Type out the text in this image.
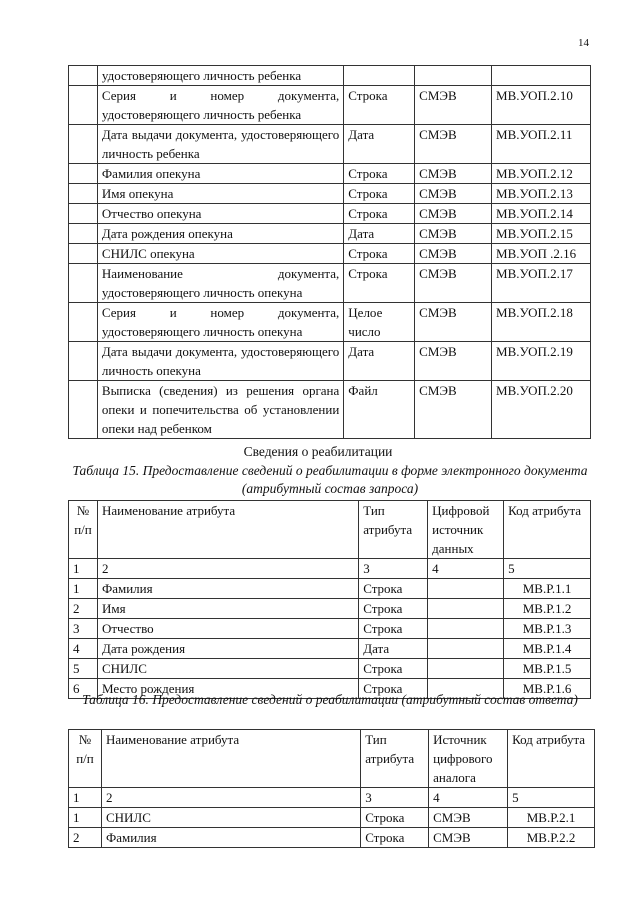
14
	удостоверяющего личность ребенка			
	Серия и номер документа, удостоверяющего личность ребенка	Строка	СМЭВ	МВ.УОП.2.10
	Дата выдачи документа, удостоверяющего личность ребенка	Дата	СМЭВ	МВ.УОП.2.11
	Фамилия опекуна	Строка	СМЭВ	МВ.УОП.2.12
	Имя опекуна	Строка	СМЭВ	МВ.УОП.2.13
	Отчество опекуна	Строка	СМЭВ	МВ.УОП.2.14
	Дата рождения опекуна	Дата	СМЭВ	МВ.УОП.2.15
	СНИЛС опекуна	Строка	СМЭВ	МВ.УОП .2.16
	Наименование документа, удостоверяющего личность опекуна	Строка	СМЭВ	МВ.УОП.2.17
	Серия и номер документа, удостоверяющего личность опекуна	Целое число	СМЭВ	МВ.УОП.2.18
	Дата выдачи документа, удостоверяющего личность опекуна	Дата	СМЭВ	МВ.УОП.2.19
	Выписка (сведения) из решения органа опеки и попечительства об установлении опеки над ребенком	Файл	СМЭВ	МВ.УОП.2.20
Сведения о реабилитации
Таблица 15. Предоставление сведений о реабилитации в форме электронного документа (атрибутный состав запроса)
№ п/п	Наименование атрибута	Тип атрибута	Цифровой источник данных	Код атрибута
1	2	3	4	5
1	Фамилия	Строка		МВ.Р.1.1
2	Имя	Строка		МВ.Р.1.2
3	Отчество	Строка		МВ.Р.1.3
4	Дата рождения	Дата		МВ.Р.1.4
5	СНИЛС	Строка		МВ.Р.1.5
6	Место рождения	Строка		МВ.Р.1.6
Таблица 16. Предоставление сведений о реабилитации (атрибутный состав ответа)
№ п/п	Наименование атрибута	Тип атрибута	Источник цифрового аналога	Код атрибута
1	2	3	4	5
1	СНИЛС	Строка	СМЭВ	МВ.Р.2.1
2	Фамилия	Строка	СМЭВ	МВ.Р.2.2
